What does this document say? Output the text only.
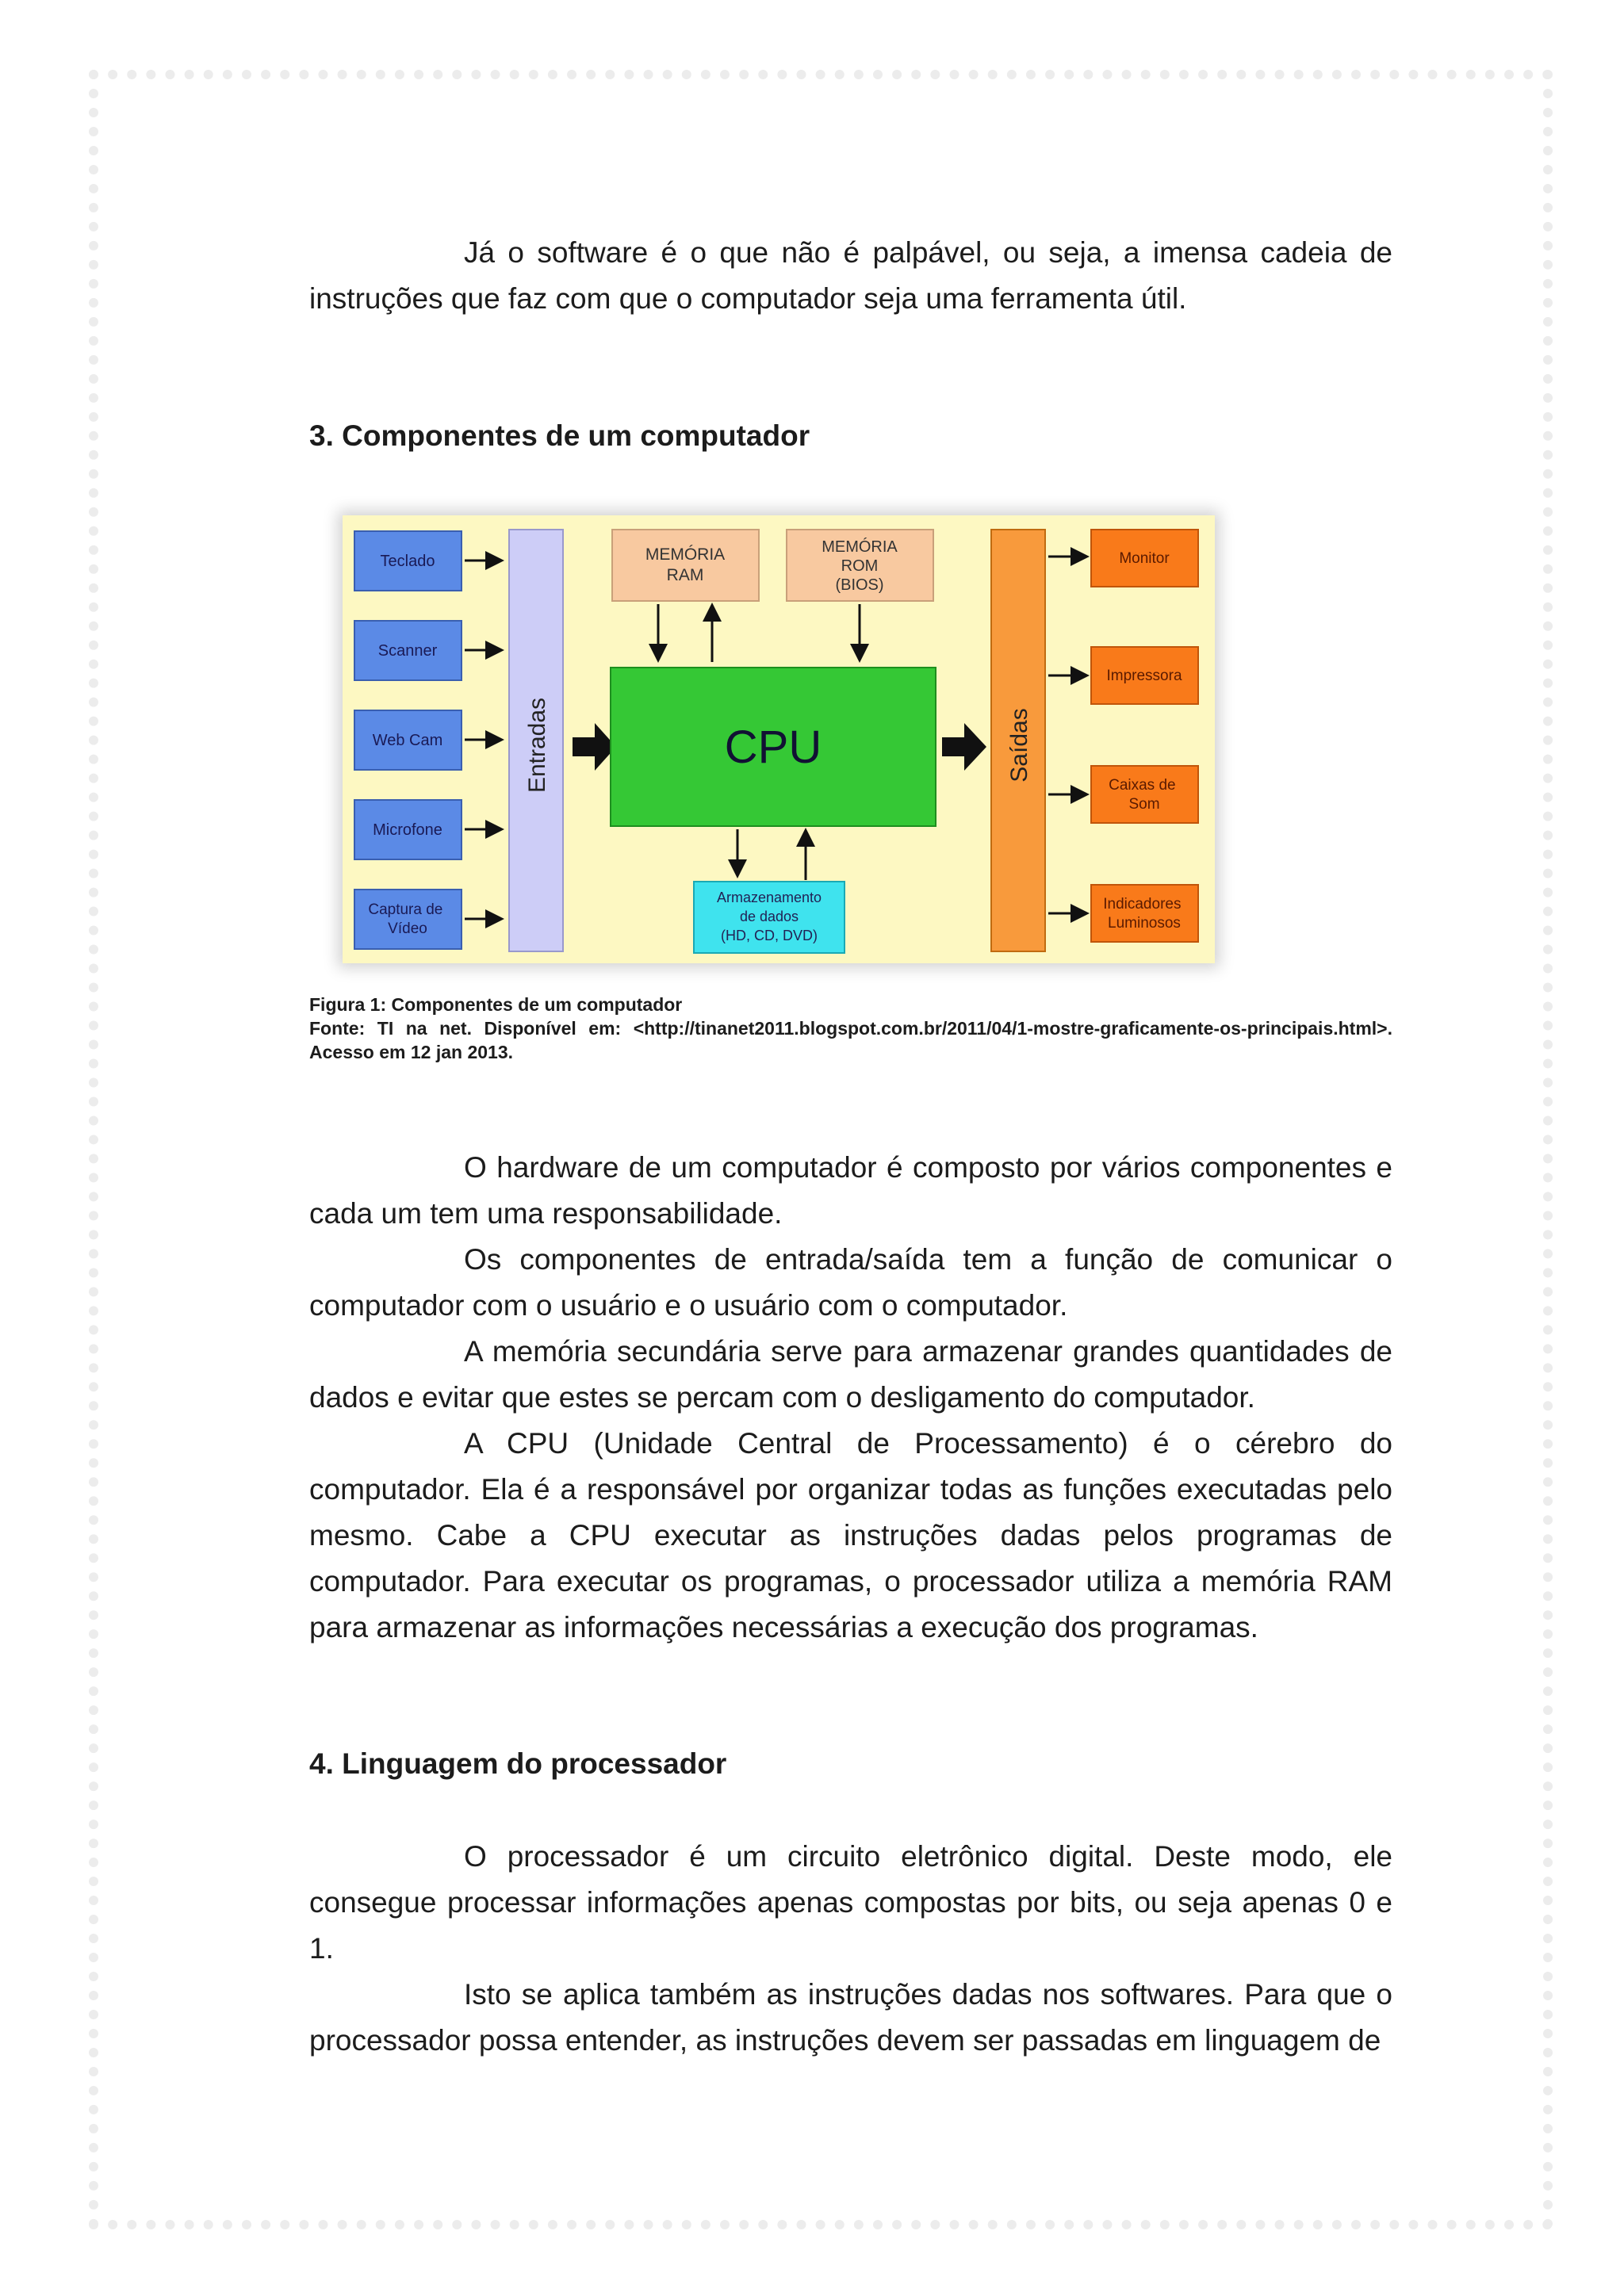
Já o software é o que não é palpável, ou seja, a imensa cadeia de instruções que faz com que o computador seja uma ferramenta útil.

3. Componentes de um computador
Teclado
Scanner
Web Cam
Microfone
Captura de Vídeo
Entradas
MEMÓRIA
RAM
MEMÓRIA
ROM
(BIOS)
CPU
Armazenamento
de dados
(HD, CD, DVD)
Saídas
Monitor
Impressora
Caixas de Som
Indicadores Luminosos

Figura 1: Componentes de um computador

Fonte: TI na net. Disponível em: <http://tinanet2011.blogspot.com.br/2011/04/1-mostre-graficamente-os-principais.html>. Acesso em 12 jan 2013.

O hardware de um computador é composto por vários componentes e cada um tem uma responsabilidade.

Os componentes de entrada/saída tem a função de comunicar o computador com o usuário e o usuário com o computador.

A memória secundária serve para armazenar grandes quantidades de dados e evitar que estes se percam com o desligamento do computador.

A CPU (Unidade Central de Processamento) é o cérebro do computador. Ela é a responsável por organizar todas as funções executadas pelo mesmo. Cabe a CPU executar as instruções dadas pelos programas de computador. Para executar os programas, o processador utiliza a memória RAM para armazenar as informações necessárias a execução dos programas.

4. Linguagem do processador

O processador é um circuito eletrônico digital. Deste modo, ele consegue processar informações apenas compostas por bits, ou seja apenas 0 e 1.

Isto se aplica também as instruções dadas nos softwares. Para que o processador possa entender, as instruções devem ser passadas em linguagem de
